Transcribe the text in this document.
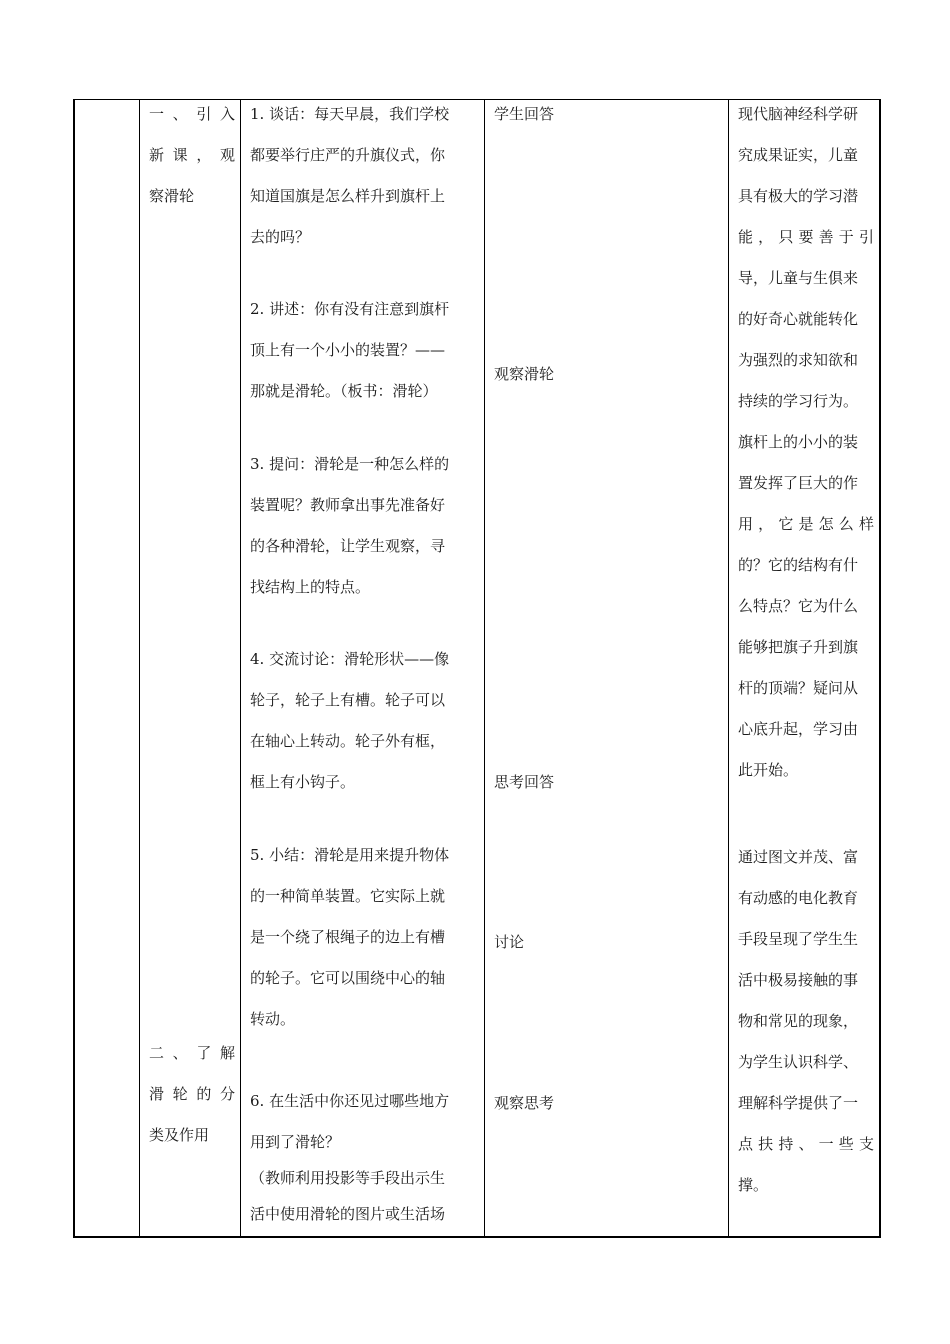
一 、 引 入
新 课 ， 观
察滑轮
二 、 了 解
滑 轮 的 分
类及作用
1. 谈话：每天早晨，我们学校
都要举行庄严的升旗仪式，你
知道国旗是怎么样升到旗杆上
去的吗？
2. 讲述：你有没有注意到旗杆
顶上有一个小小的装置？——
那就是滑轮。（板书：滑轮）
3. 提问：滑轮是一种怎么样的
装置呢？教师拿出事先准备好
的各种滑轮，让学生观察，寻
找结构上的特点。
4. 交流讨论：滑轮形状——像
轮子，轮子上有槽。轮子可以
在轴心上转动。轮子外有框，
框上有小钩子。
5. 小结：滑轮是用来提升物体
的一种简单装置。它实际上就
是一个绕了根绳子的边上有槽
的轮子。它可以围绕中心的轴
转动。
6. 在生活中你还见过哪些地方
用到了滑轮？
（教师利用投影等手段出示生
活中使用滑轮的图片或生活场
学生回答
观察滑轮
思考回答
讨论
观察思考
现代脑神经科学研
究成果证实，儿童
具有极大的学习潜
能 ， 只 要 善 于 引
导，儿童与生俱来
的好奇心就能转化
为强烈的求知欲和
持续的学习行为。
旗杆上的小小的装
置发挥了巨大的作
用 ， 它 是 怎 么 样
的？它的结构有什
么特点？它为什么
能够把旗子升到旗
杆的顶端？疑问从
心底升起，学习由
此开始。
通过图文并茂、富
有动感的电化教育
手段呈现了学生生
活中极易接触的事
物和常见的现象，
为学生认识科学、
理解科学提供了一
点 扶 持 、 一 些 支
撑。
